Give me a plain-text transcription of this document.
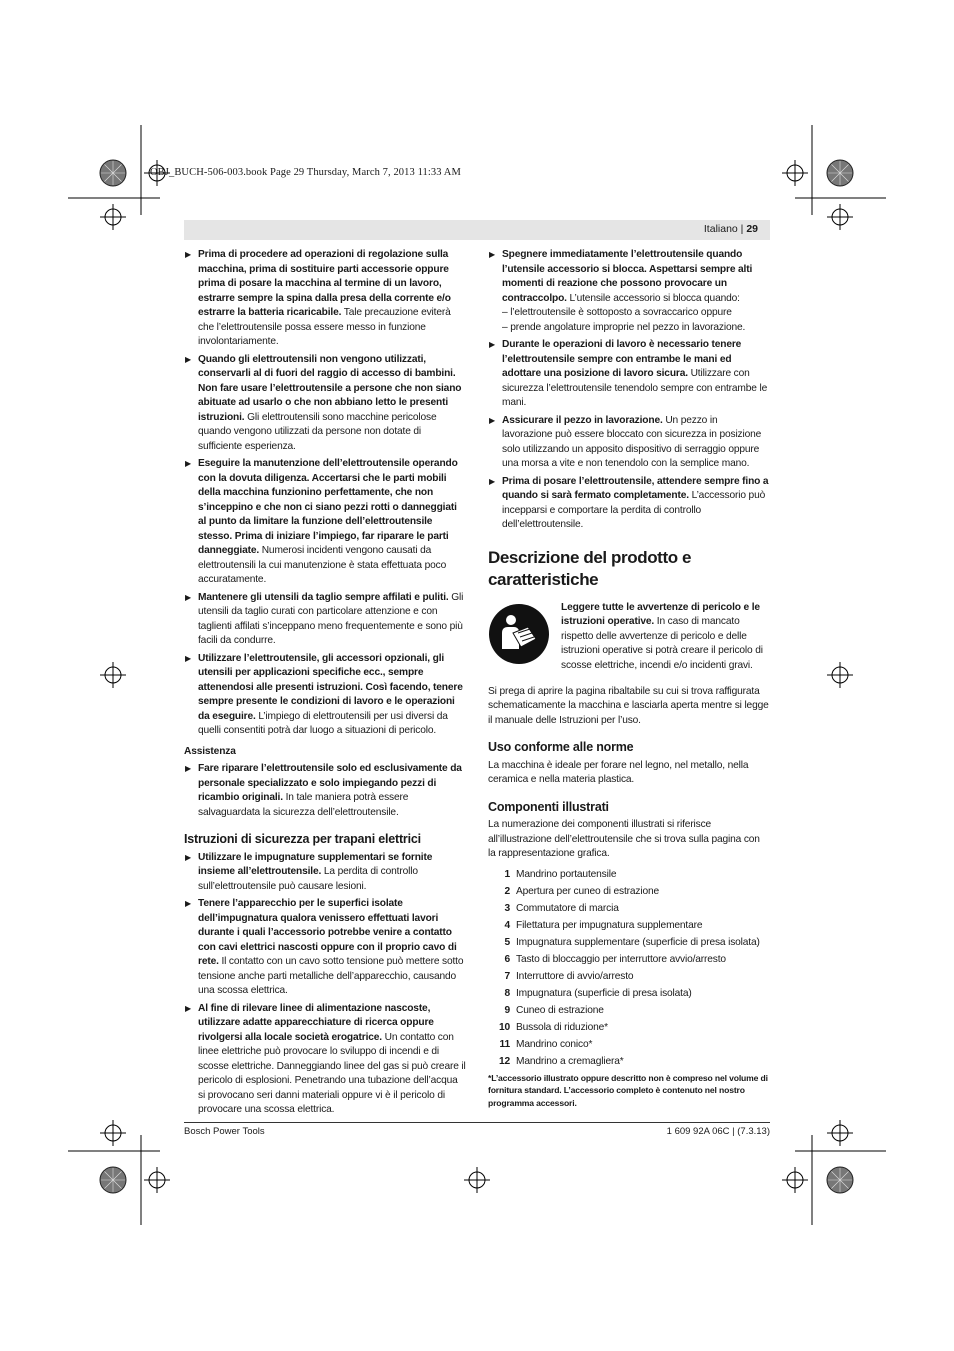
OBJ_BUCH-506-003.book Page 29 Thursday, March 7, 2013 11:33 AM
Italiano | 29
▶ Prima di procedere ad operazioni di regolazione sulla macchina, prima di sostituire parti accessorie oppure prima di posare la macchina al termine di un lavoro, estrarre sempre la spina dalla presa della corrente e/o estrarre la batteria ricaricabile. Tale precauzione eviterà che l’elettroutensile possa essere messo in funzione involontariamente.
▶ Quando gli elettroutensili non vengono utilizzati, conservarli al di fuori del raggio di accesso di bambini. Non fare usare l’elettroutensile a persone che non siano abituate ad usarlo o che non abbiano letto le presenti istruzioni. Gli elettroutensili sono macchine pericolose quando vengono utilizzati da persone non dotate di sufficiente esperienza.
▶ Eseguire la manutenzione dell’elettroutensile operando con la dovuta diligenza. Accertarsi che le parti mobili della macchina funzionino perfettamente, che non s’inceppino e che non ci siano pezzi rotti o danneggiati al punto da limitare la funzione dell’elettroutensile stesso. Prima di iniziare l’impiego, far riparare le parti danneggiate. Numerosi incidenti vengono causati da elettroutensili la cui manutenzione è stata effettuata poco accuratamente.
▶ Mantenere gli utensili da taglio sempre affilati e puliti. Gli utensili da taglio curati con particolare attenzione e con taglienti affilati s’inceppano meno frequentemente e sono più facili da condurre.
▶ Utilizzare l’elettroutensile, gli accessori opzionali, gli utensili per applicazioni specifiche ecc., sempre attenendosi alle presenti istruzioni. Così facendo, tenere sempre presente le condizioni di lavoro e le operazioni da eseguire. L’impiego di elettroutensili per usi diversi da quelli consentiti potrà dar luogo a situazioni di pericolo.
Assistenza
▶ Fare riparare l’elettroutensile solo ed esclusivamente da personale specializzato e solo impiegando pezzi di ricambio originali. In tale maniera potrà essere salvaguardata la sicurezza dell’elettroutensile.
Istruzioni di sicurezza per trapani elettrici
▶ Utilizzare le impugnature supplementari se fornite insieme all’elettroutensile. La perdita di controllo sull’elettroutensile può causare lesioni.
▶ Tenere l’apparecchio per le superfici isolate dell’impugnatura qualora venissero effettuati lavori durante i quali l’accessorio potrebbe venire a contatto con cavi elettrici nascosti oppure con il proprio cavo di rete. Il contatto con un cavo sotto tensione può mettere sotto tensione anche parti metalliche dell’apparecchio, causando una scossa elettrica.
▶ Al fine di rilevare linee di alimentazione nascoste, utilizzare adatte apparecchiature di ricerca oppure rivolgersi alla locale società erogatrice. Un contatto con linee elettriche può provocare lo sviluppo di incendi e di scosse elettriche. Danneggiando linee del gas si può creare il pericolo di esplosioni. Penetrando una tubazione dell’acqua si provocano seri danni materiali oppure vi è il pericolo di provocare una scossa elettrica.
▶ Spegnere immediatamente l’elettroutensile quando l’utensile accessorio si blocca. Aspettarsi sempre alti momenti di reazione che possono provocare un contraccolpo. L’utensile accessorio si blocca quando:
– l’elettroutensile è sottoposto a sovraccarico oppure
– prende angolature improprie nel pezzo in lavorazione.
▶ Durante le operazioni di lavoro è necessario tenere l’elettroutensile sempre con entrambe le mani ed adottare una posizione di lavoro sicura. Utilizzare con sicurezza l’elettroutensile tenendolo sempre con entrambe le mani.
▶ Assicurare il pezzo in lavorazione. Un pezzo in lavorazione può essere bloccato con sicurezza in posizione solo utilizzando un apposito dispositivo di serraggio oppure una morsa a vite e non tenendolo con la semplice mano.
▶ Prima di posare l’elettroutensile, attendere sempre fino a quando si sarà fermato completamente. L’accessorio può incepparsi e comportare la perdita di controllo dell’elettroutensile.
Descrizione del prodotto e caratteristiche
Leggere tutte le avvertenze di pericolo e le istruzioni operative. In caso di mancato rispetto delle avvertenze di pericolo e delle istruzioni operative si potrà creare il pericolo di scosse elettriche, incendi e/o incidenti gravi.
Si prega di aprire la pagina ribaltabile su cui si trova raffigurata schematicamente la macchina e lasciarla aperta mentre si legge il manuale delle Istruzioni per l’uso.
Uso conforme alle norme
La macchina è ideale per forare nel legno, nel metallo, nella ceramica e nella materia plastica.
Componenti illustrati
La numerazione dei componenti illustrati si riferisce all’illustrazione dell’elettroutensile che si trova sulla pagina con la rappresentazione grafica.
1 Mandrino portautensile
2 Apertura per cuneo di estrazione
3 Commutatore di marcia
4 Filettatura per impugnatura supplementare
5 Impugnatura supplementare (superficie di presa isolata)
6 Tasto di bloccaggio per interruttore avvio/arresto
7 Interruttore di avvio/arresto
8 Impugnatura (superficie di presa isolata)
9 Cuneo di estrazione
10 Bussola di riduzione*
11 Mandrino conico*
12 Mandrino a cremagliera*
*L’accessorio illustrato oppure descritto non è compreso nel volume di fornitura standard. L’accessorio completo è contenuto nel nostro programma accessori.
Bosch Power Tools	1 609 92A 06C | (7.3.13)
